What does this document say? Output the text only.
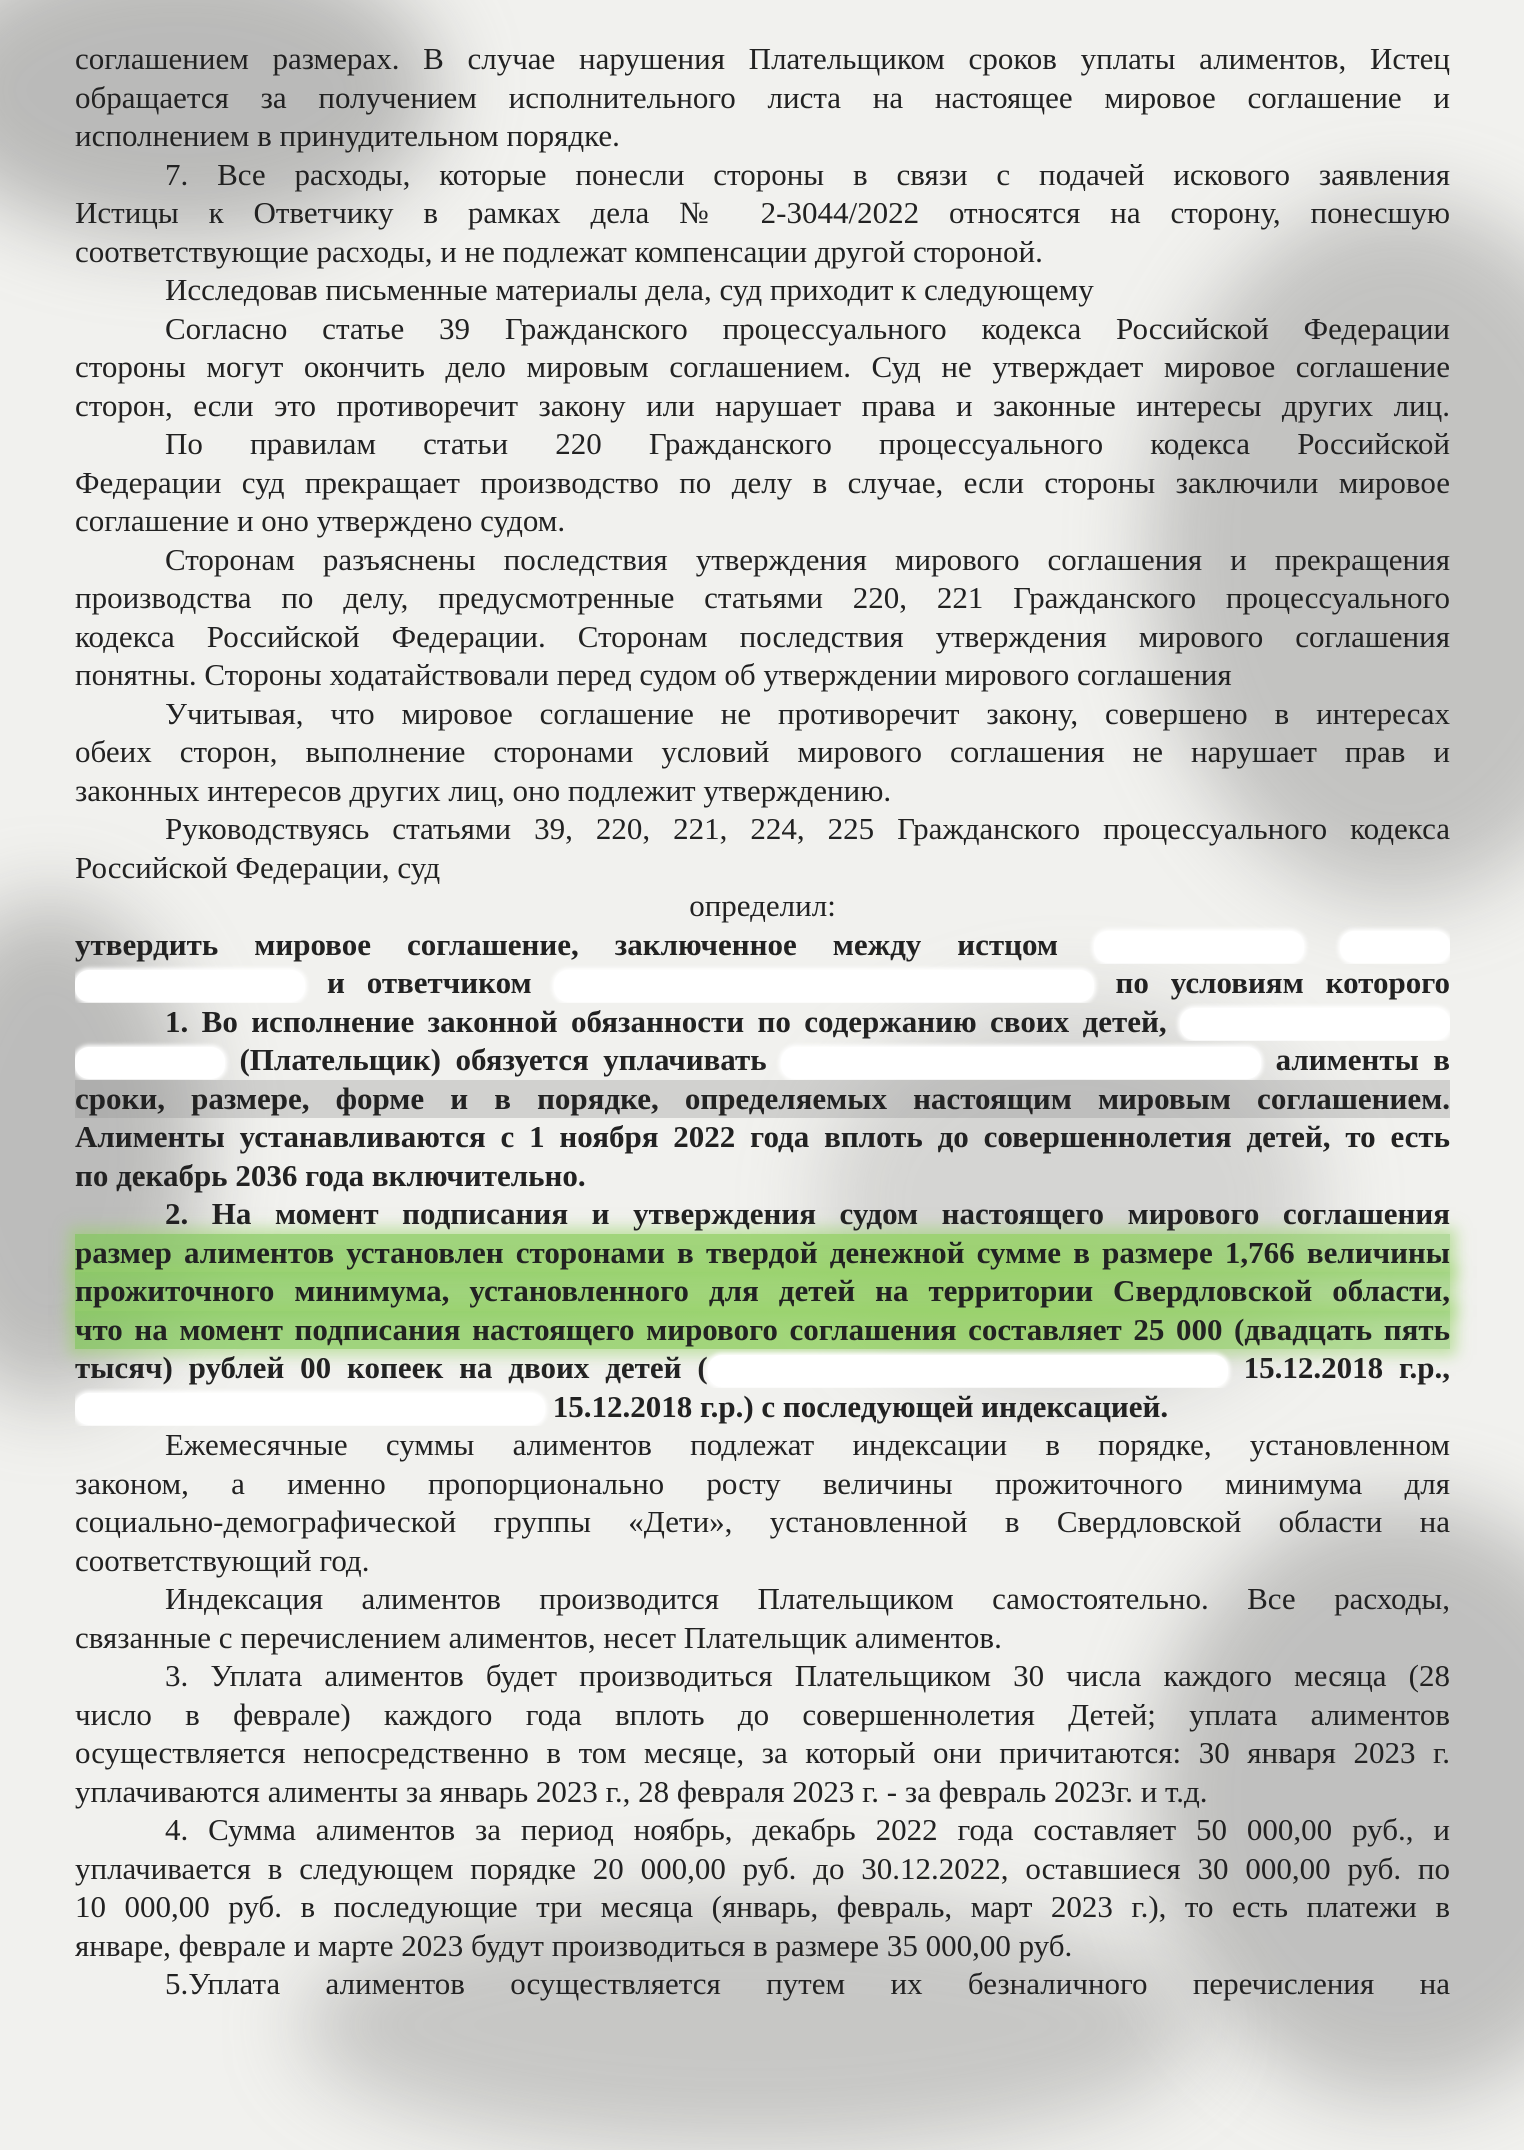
соглашением размерах. В случае нарушения Плательщиком сроков уплаты алиментов, Истец
обращается за получением исполнительного листа на настоящее мировое соглашение и
исполнением в принудительном порядке.
7. Все расходы, которые понесли стороны в связи с подачей искового заявления
Истицы к Ответчику в рамках дела № 2-3044/2022 относятся на сторону, понесшую
соответствующие расходы, и не подлежат компенсации другой стороной.
Исследовав письменные материалы дела, суд приходит к следующему
Согласно статье 39 Гражданского процессуального кодекса Российской Федерации
стороны могут окончить дело мировым соглашением. Суд не утверждает мировое соглашение
сторон, если это противоречит закону или нарушает права и законные интересы других лиц.
По правилам статьи 220 Гражданского процессуального кодекса Российской
Федерации суд прекращает производство по делу в случае, если стороны заключили мировое
соглашение и оно утверждено судом.
Сторонам разъяснены последствия утверждения мирового соглашения и прекращения
производства по делу, предусмотренные статьями 220, 221 Гражданского процессуального
кодекса Российской Федерации. Сторонам последствия утверждения мирового соглашения
понятны. Стороны ходатайствовали перед судом об утверждении мирового соглашения
Учитывая, что мировое соглашение не противоречит закону, совершено в интересах
обеих сторон, выполнение сторонами условий мирового соглашения не нарушает прав и
законных интересов других лиц, оно подлежит утверждению.
Руководствуясь статьями 39, 220, 221, 224, 225 Гражданского процессуального кодекса
Российской Федерации, суд
определил:
утвердить мировое соглашение, заключенное между истцом
и ответчиком	по условиям которого
1. Во исполнение законной обязанности по содержанию своих детей,
(Плательщик) обязуется уплачивать	алименты в
сроки, размере, форме и в порядке, определяемых настоящим мировым соглашением.
Алименты устанавливаются с 1 ноября 2022 года вплоть до совершеннолетия детей, то есть
по декабрь 2036 года включительно.
2. На момент подписания и утверждения судом настоящего мирового соглашения
размер алиментов установлен сторонами в твердой денежной сумме в размере 1,766 величины
прожиточного минимума, установленного для детей на территории Свердловской области,
что на момент подписания настоящего мирового соглашения составляет 25 000 (двадцать пять
тысяч) рублей 00 копеек на двоих детей (	15.12.2018 г.р.,
15.12.2018 г.р.) с последующей индексацией.
Ежемесячные суммы алиментов подлежат индексации в порядке, установленном
законом, а именно пропорционально росту величины прожиточного минимума для
социально-демографической группы «Дети», установленной в Свердловской области на
соответствующий год.
Индексация алиментов производится Плательщиком самостоятельно. Все расходы,
связанные с перечислением алиментов, несет Плательщик алиментов.
3. Уплата алиментов будет производиться Плательщиком 30 числа каждого месяца (28
число в феврале) каждого года вплоть до совершеннолетия Детей; уплата алиментов
осуществляется непосредственно в том месяце, за который они причитаются: 30 января 2023 г.
уплачиваются алименты за январь 2023 г., 28 февраля 2023 г. - за февраль 2023г. и т.д.
4. Сумма алиментов за период ноябрь, декабрь 2022 года составляет 50 000,00 руб., и
уплачивается в следующем порядке 20 000,00 руб. до 30.12.2022, оставшиеся 30 000,00 руб. по
10 000,00 руб. в последующие три месяца (январь, февраль, март 2023 г.), то есть платежи в
январе, феврале и марте 2023 будут производиться в размере 35 000,00 руб.
5.Уплата алиментов осуществляется путем их безналичного перечисления на
